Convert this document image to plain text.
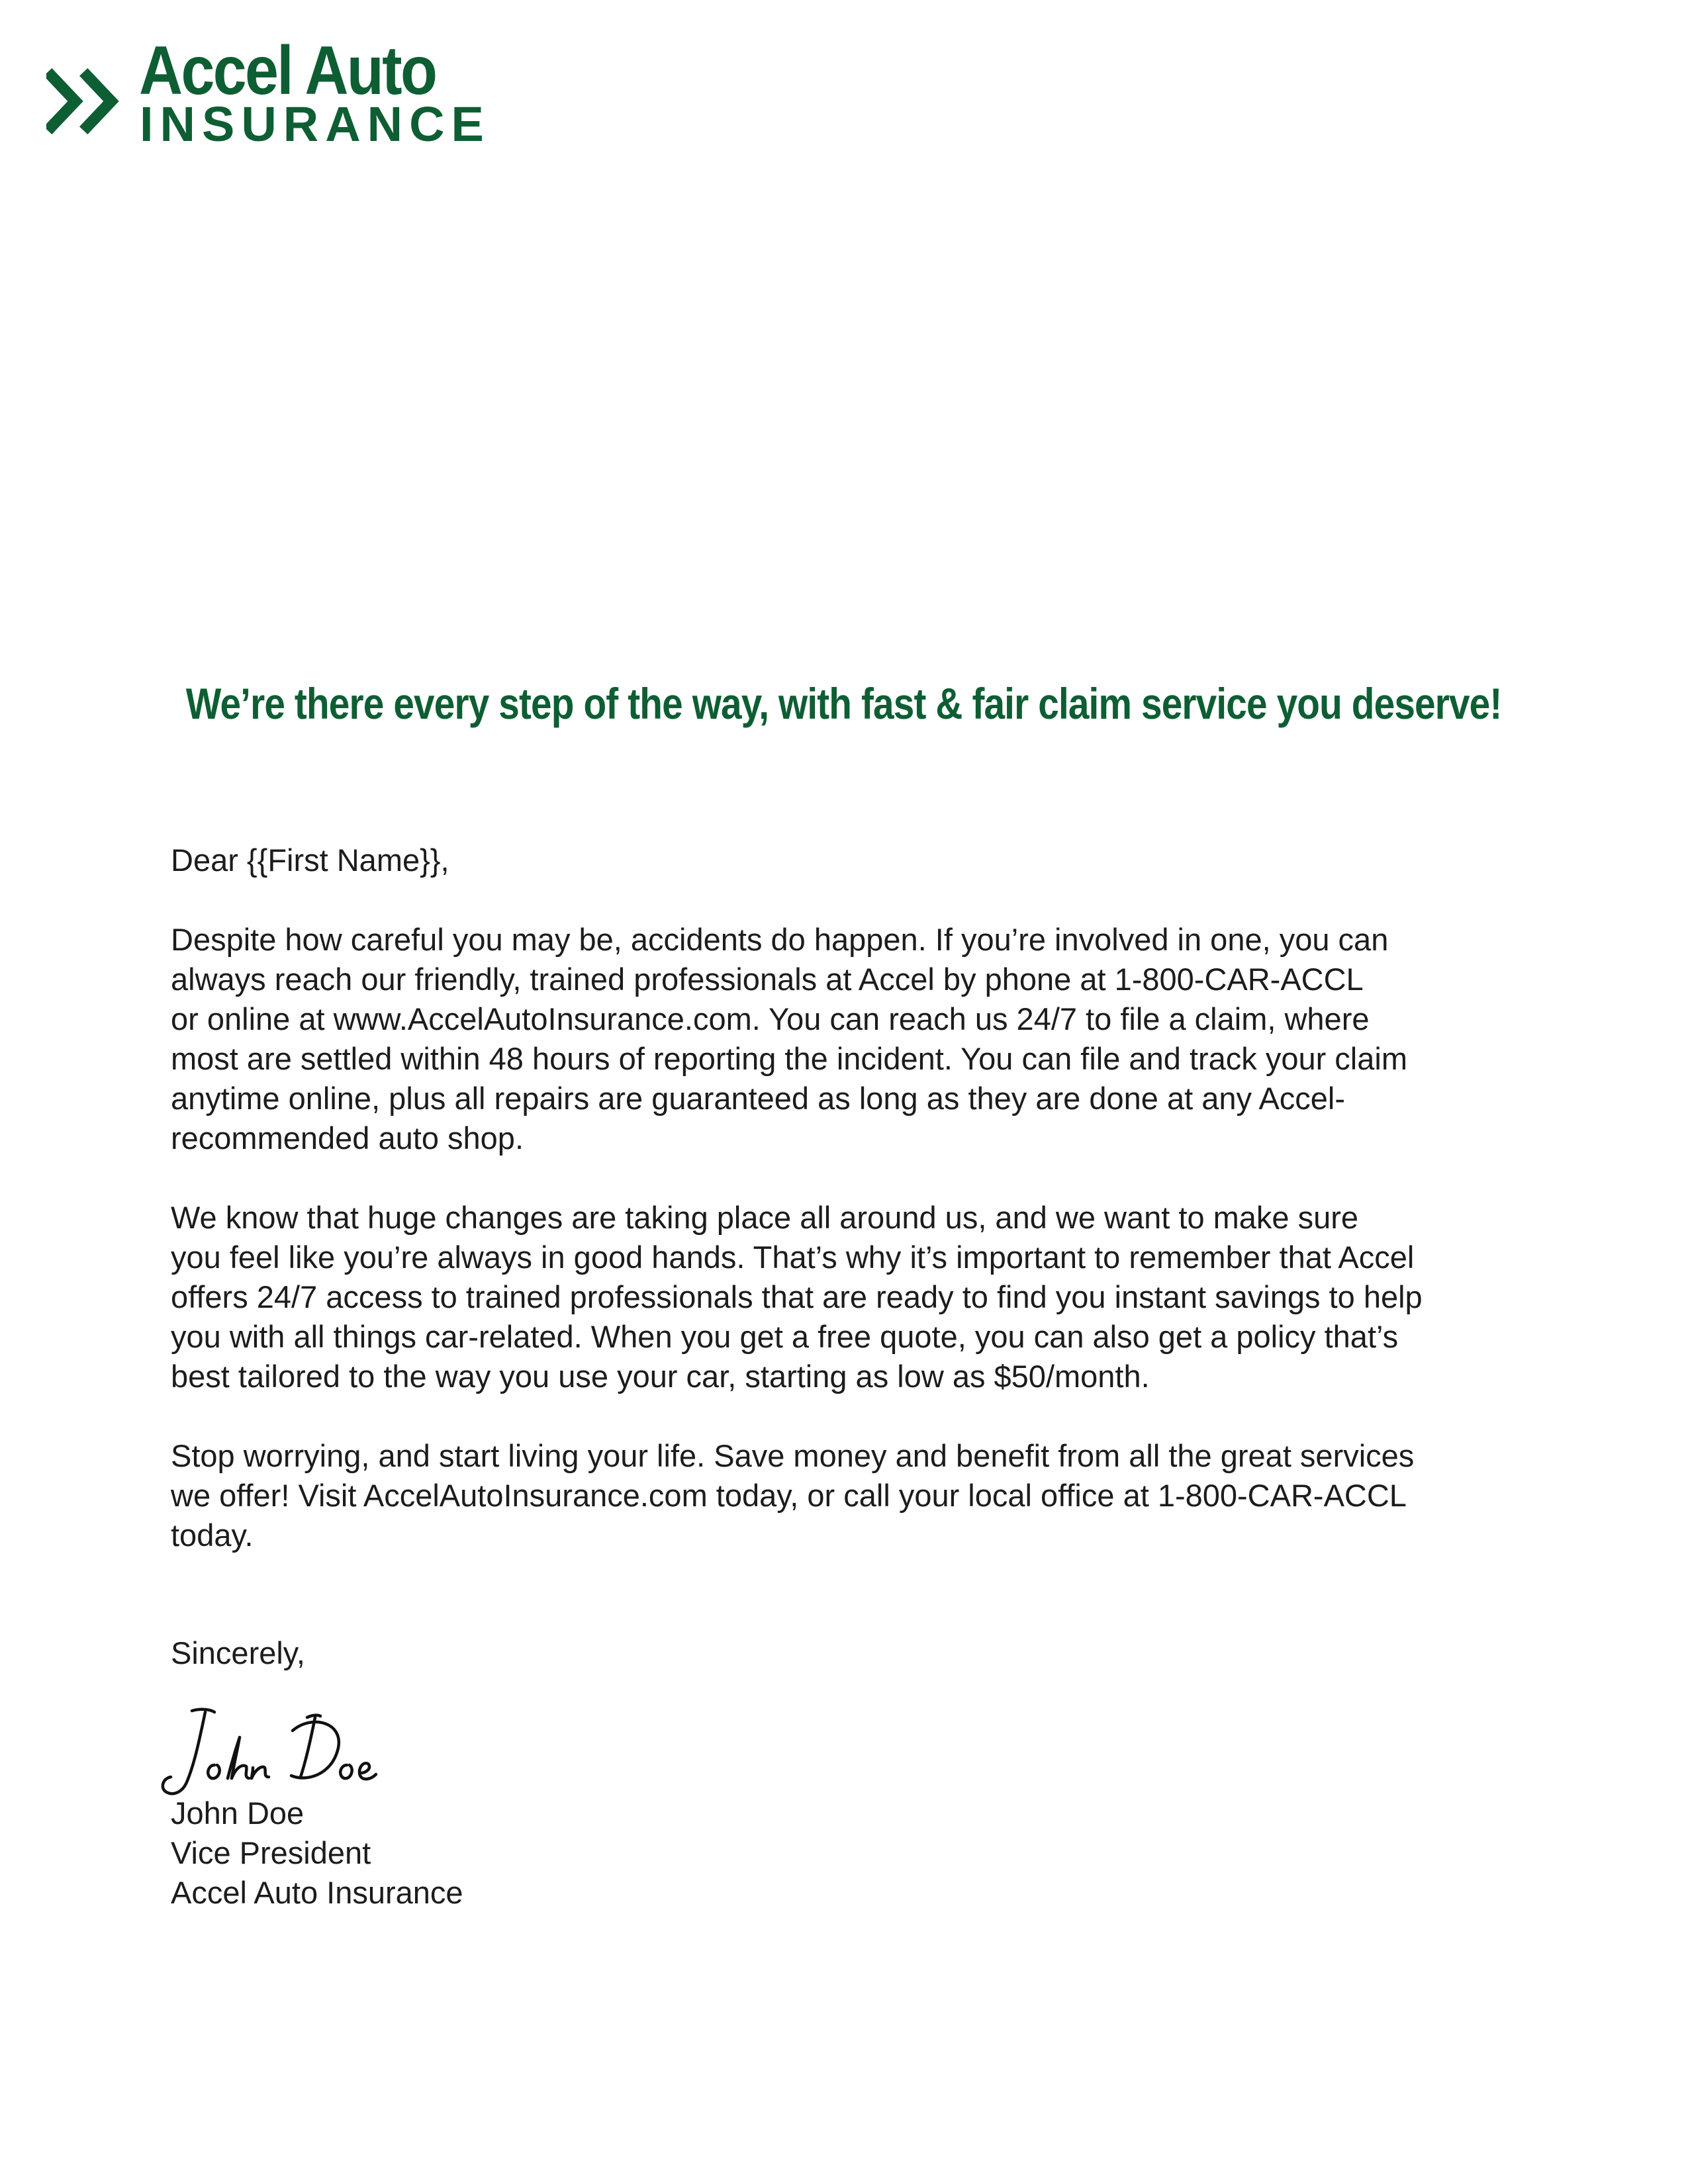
Accel Auto
INSURANCE
We’re there every step of the way, with fast & fair claim service you deserve!

Dear {{First Name}},

Despite how careful you may be, accidents do happen. If you’re involved in one, you can
always reach our friendly, trained professionals at Accel by phone at 1-800-CAR-ACCL
or online at www.AccelAutoInsurance.com. You can reach us 24/7 to file a claim, where
most are settled within 48 hours of reporting the incident. You can file and track your claim
anytime online, plus all repairs are guaranteed as long as they are done at any Accel-
recommended auto shop.

We know that huge changes are taking place all around us, and we want to make sure
you feel like you’re always in good hands. That’s why it’s important to remember that Accel
offers 24/7 access to trained professionals that are ready to find you instant savings to help
you with all things car-related. When you get a free quote, you can also get a policy that’s
best tailored to the way you use your car, starting as low as $50/month.

Stop worrying, and start living your life. Save money and benefit from all the great services
we offer! Visit AccelAutoInsurance.com today, or call your local office at 1-800-CAR-ACCL
today.

Sincerely,
John Doe
Vice President
Accel Auto Insurance
